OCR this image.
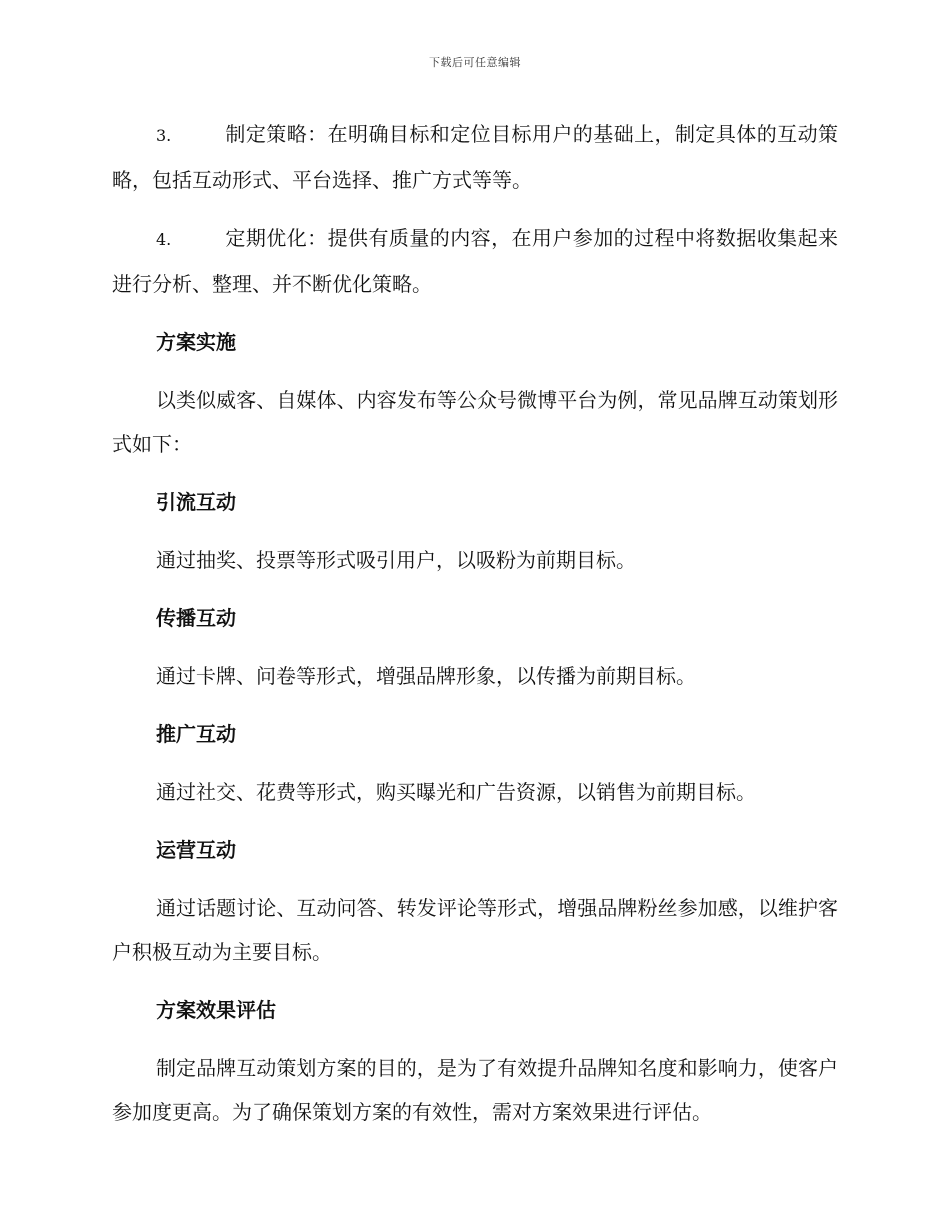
下载后可任意编辑

3.	制定策略：在明确目标和定位目标用户的基础上，制定具体的互动策略，包括互动形式、平台选择、推广方式等等。

4.	定期优化：提供有质量的内容，在用户参加的过程中将数据收集起来进行分析、整理、并不断优化策略。

方案实施

以类似威客、自媒体、内容发布等公众号微博平台为例，常见品牌互动策划形式如下：

引流互动

通过抽奖、投票等形式吸引用户，以吸粉为前期目标。

传播互动

通过卡牌、问卷等形式，增强品牌形象，以传播为前期目标。

推广互动

通过社交、花费等形式，购买曝光和广告资源，以销售为前期目标。

运营互动

通过话题讨论、互动问答、转发评论等形式，增强品牌粉丝参加感，以维护客户积极互动为主要目标。

方案效果评估

制定品牌互动策划方案的目的，是为了有效提升品牌知名度和影响力，使客户参加度更高。为了确保策划方案的有效性，需对方案效果进行评估。
